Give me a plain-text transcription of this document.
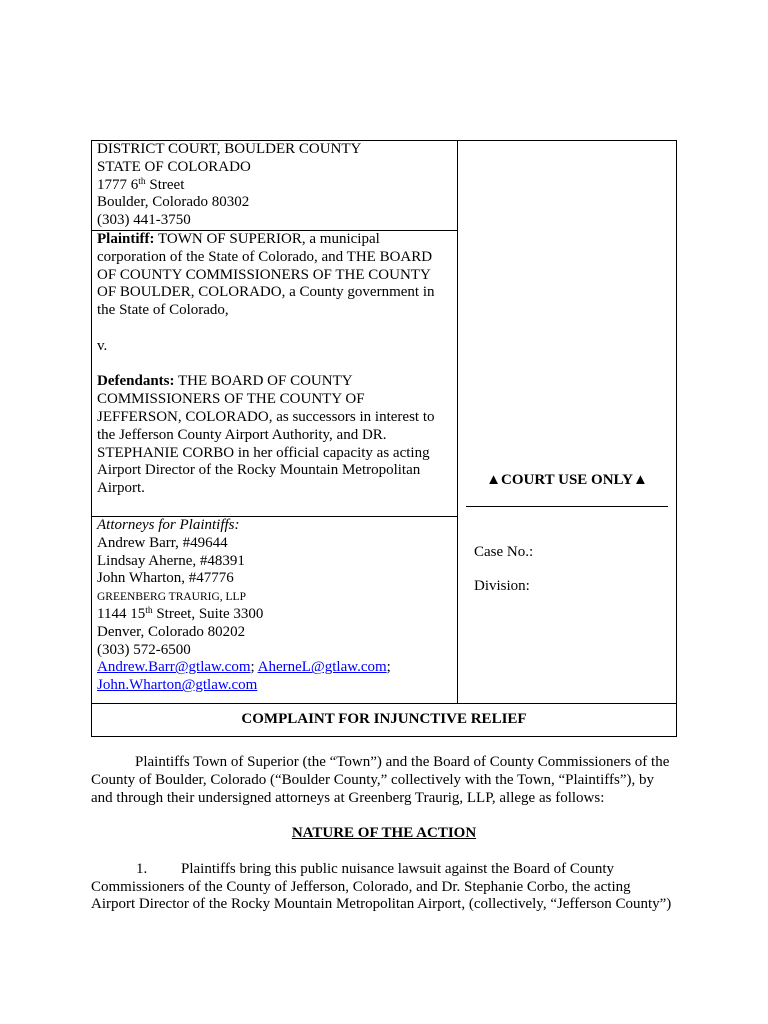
DISTRICT COURT, BOULDER COUNTY
STATE OF COLORADO
1777 6th Street
Boulder, Colorado 80302
(303) 441-3750
Plaintiff: TOWN OF SUPERIOR, a municipal
corporation of the State of Colorado, and THE BOARD
OF COUNTY COMMISSIONERS OF THE COUNTY
OF BOULDER, COLORADO, a County government in
the State of Colorado,
v.
Defendants: THE BOARD OF COUNTY
COMMISSIONERS OF THE COUNTY OF
JEFFERSON, COLORADO, as successors in interest to
the Jefferson County Airport Authority, and DR.
STEPHANIE CORBO in her official capacity as acting
Airport Director of the Rocky Mountain Metropolitan
Airport.
Attorneys for Plaintiffs:
Andrew Barr, #49644
Lindsay Aherne, #48391
John Wharton, #47776
GREENBERG TRAURIG, LLP
1144 15th Street, Suite 3300
Denver, Colorado 80202
(303) 572-6500
Andrew.Barr@gtlaw.com; AherneL@gtlaw.com;
John.Wharton@gtlaw.com
▲COURT USE ONLY▲
Case No.:
Division:
COMPLAINT FOR INJUNCTIVE RELIEF
Plaintiffs Town of Superior (the “Town”) and the Board of County Commissioners of the
County of Boulder, Colorado (“Boulder County,” collectively with the Town, “Plaintiffs”), by
and through their undersigned attorneys at Greenberg Traurig, LLP, allege as follows:
NATURE OF THE ACTION
1. Plaintiffs bring this public nuisance lawsuit against the Board of County
Commissioners of the County of Jefferson, Colorado, and Dr. Stephanie Corbo, the acting
Airport Director of the Rocky Mountain Metropolitan Airport, (collectively, “Jefferson County”)
